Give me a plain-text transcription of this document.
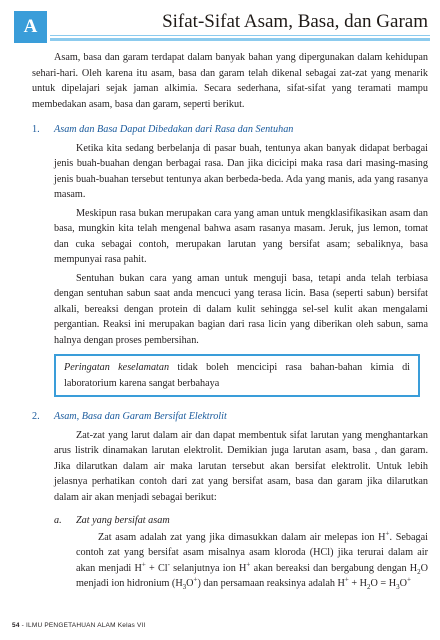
A	Sifat-Sifat Asam, Basa, dan Garam

Asam, basa dan garam terdapat dalam banyak bahan yang dipergunakan dalam kehidupan sehari-hari. Oleh karena itu asam, basa dan garam telah dikenal sebagai zat-zat yang menarik untuk dipelajari sejak jaman alkimia. Secara sederhana, sifat-sifat yang teramati mampu membedakan asam, basa dan garam, seperti berikut.

1. Asam dan Basa Dapat Dibedakan dari Rasa dan Sentuhan

Ketika kita sedang berbelanja di pasar buah, tentunya akan banyak didapat berbagai jenis buah-buahan dengan berbagai rasa. Dan jika dicicipi maka rasa dari masing-masing jenis buah-buahan tersebut tentunya akan berbeda-beda. Ada yang manis, ada yang rasanya masam.

Meskipun rasa bukan merupakan cara yang aman untuk mengklasifikasikan asam dan basa, mungkin kita telah mengenal bahwa asam rasanya masam. Jeruk, jus lemon, tomat dan cuka sebagai contoh, merupakan larutan yang bersifat asam; sebaliknya, basa mempunyai rasa pahit.

Sentuhan bukan cara yang aman untuk menguji basa, tetapi anda telah terbiasa dengan sentuhan sabun saat anda mencuci yang terasa licin. Basa (seperti sabun) bersifat alkali, bereaksi dengan protein di dalam kulit sehingga sel-sel kulit akan mengalami pergantian. Reaksi ini merupakan bagian dari rasa licin yang diberikan oleh sabun, sama halnya dengan proses pembersihan.

Peringatan keselamatan tidak boleh mencicipi rasa bahan-bahan kimia di laboratorium karena sangat berbahaya
2. Asam, Basa dan Garam Bersifat Elektrolit

Zat-zat yang larut dalam air dan dapat membentuk sifat larutan yang menghantarkan arus listrik dinamakan larutan elektrolit. Demikian juga larutan asam, basa , dan garam. Jika dilarutkan dalam air maka larutan tersebut akan bersifat elektrolit. Untuk lebih jelasnya perhatikan contoh dari zat yang bersifat asam, basa dan garam jika dilarutkan dalam air akan menjadi sebagai berikut:

a. Zat yang bersifat asam

Zat asam adalah zat yang jika dimasukkan dalam air melepas ion H+. Sebagai contoh zat yang bersifat asam misalnya asam kloroda (HCl) jika terurai dalam air akan menjadi H+ + Cl- selanjutnya ion H+ akan bereaksi dan bergabung dengan $H_2O$ menjadi ion hidronium $(H_3O^+)$ dan persamaan reaksinya adalah $H^+ + H_2O = H_3O^+$

54 - ILMU PENGETAHUAN ALAM Kelas VII
